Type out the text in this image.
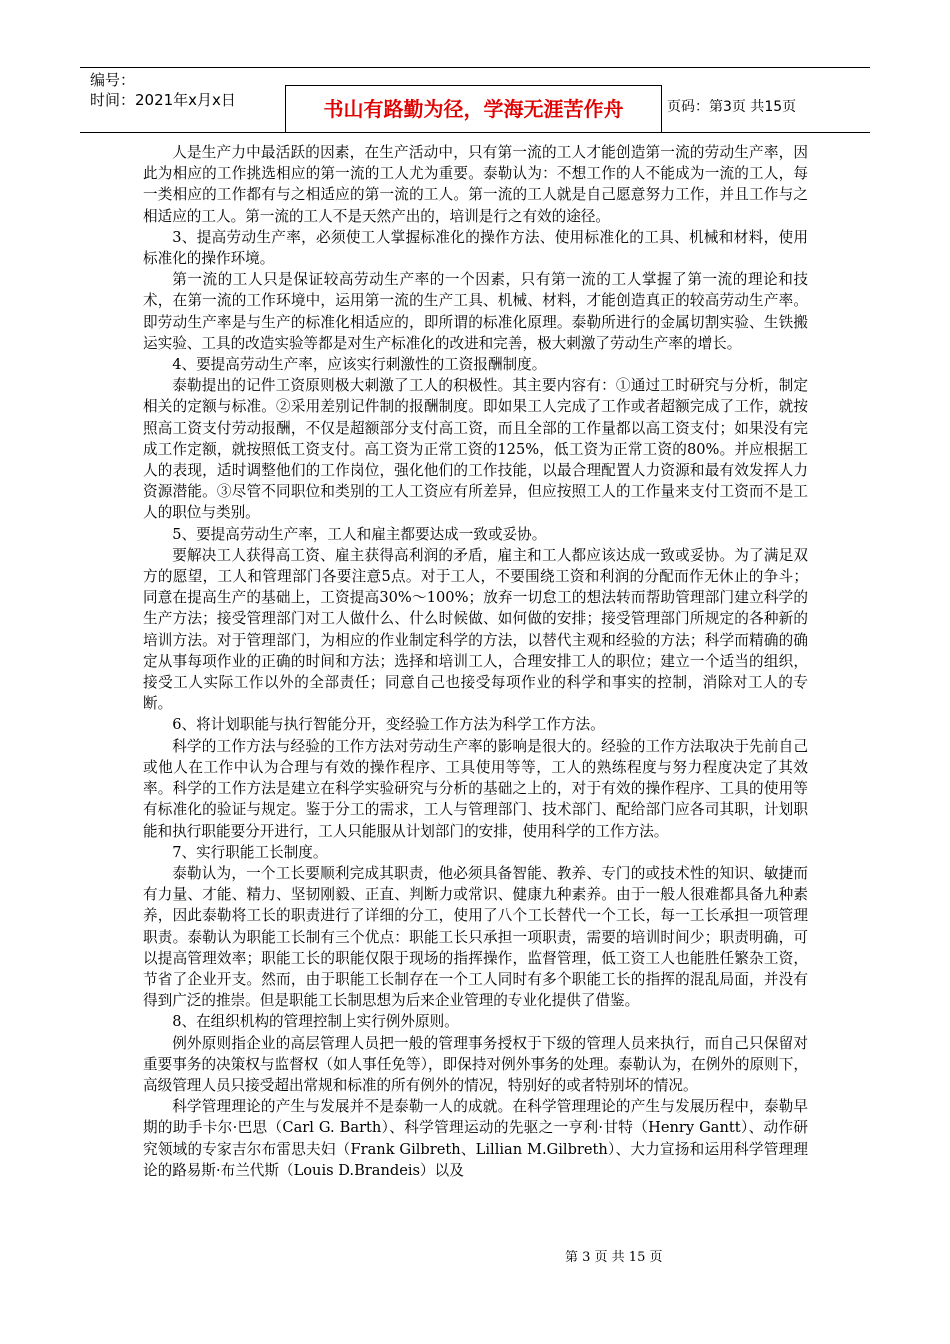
编号：
时间：2021年x月x日	书山有路勤为径，学海无涯苦作舟	页码：第3页 共15页

人是生产力中最活跃的因素，在生产活动中，只有第一流的工人才能创造第一流的劳动生产率，因此为相应的工作挑选相应的第一流的工人尤为重要。泰勒认为：不想工作的人不能成为一流的工人，每一类相应的工作都有与之相适应的第一流的工人。第一流的工人就是自己愿意努力工作，并且工作与之相适应的工人。第一流的工人不是天然产出的，培训是行之有效的途径。

3、提高劳动生产率，必须使工人掌握标准化的操作方法、使用标准化的工具、机械和材料，使用标准化的操作环境。

第一流的工人只是保证较高劳动生产率的一个因素，只有第一流的工人掌握了第一流的理论和技术，在第一流的工作环境中，运用第一流的生产工具、机械、材料，才能创造真正的较高劳动生产率。即劳动生产率是与生产的标准化相适应的，即所谓的标准化原理。泰勒所进行的金属切割实验、生铁搬运实验、工具的改造实验等都是对生产标准化的改进和完善，极大刺激了劳动生产率的增长。

4、要提高劳动生产率，应该实行刺激性的工资报酬制度。

泰勒提出的记件工资原则极大刺激了工人的积极性。其主要内容有：①通过工时研究与分析，制定相关的定额与标准。②采用差别记件制的报酬制度。即如果工人完成了工作或者超额完成了工作，就按照高工资支付劳动报酬，不仅是超额部分支付高工资，而且全部的工作量都以高工资支付；如果没有完成工作定额，就按照低工资支付。高工资为正常工资的125%，低工资为正常工资的80%。并应根据工人的表现，适时调整他们的工作岗位，强化他们的工作技能，以最合理配置人力资源和最有效发挥人力资源潜能。③尽管不同职位和类别的工人工资应有所差异，但应按照工人的工作量来支付工资而不是工人的职位与类别。

5、要提高劳动生产率，工人和雇主都要达成一致或妥协。

要解决工人获得高工资、雇主获得高利润的矛盾，雇主和工人都应该达成一致或妥协。为了满足双方的愿望，工人和管理部门各要注意5点。对于工人，不要围绕工资和利润的分配而作无休止的争斗；同意在提高生产的基础上，工资提高30%～100%；放弃一切怠工的想法转而帮助管理部门建立科学的生产方法；接受管理部门对工人做什么、什么时候做、如何做的安排；接受管理部门所规定的各种新的培训方法。对于管理部门，为相应的作业制定科学的方法，以替代主观和经验的方法；科学而精确的确定从事每项作业的正确的时间和方法；选择和培训工人，合理安排工人的职位；建立一个适当的组织，接受工人实际工作以外的全部责任；同意自己也接受每项作业的科学和事实的控制，消除对工人的专断。

6、将计划职能与执行智能分开，变经验工作方法为科学工作方法。

科学的工作方法与经验的工作方法对劳动生产率的影响是很大的。经验的工作方法取决于先前自己或他人在工作中认为合理与有效的操作程序、工具使用等等，工人的熟练程度与努力程度决定了其效率。科学的工作方法是建立在科学实验研究与分析的基础之上的，对于有效的操作程序、工具的使用等有标准化的验证与规定。鉴于分工的需求，工人与管理部门、技术部门、配给部门应各司其职，计划职能和执行职能要分开进行，工人只能服从计划部门的安排，使用科学的工作方法。

7、实行职能工长制度。

泰勒认为，一个工长要顺利完成其职责，他必须具备智能、教养、专门的或技术性的知识、敏捷而有力量、才能、精力、坚韧刚毅、正直、判断力或常识、健康九种素养。由于一般人很难都具备九种素养，因此泰勒将工长的职责进行了详细的分工，使用了八个工长替代一个工长，每一工长承担一项管理职责。泰勒认为职能工长制有三个优点：职能工长只承担一项职责，需要的培训时间少；职责明确，可以提高管理效率；职能工长的职能仅限于现场的指挥操作，监督管理，低工资工人也能胜任繁杂工资，节省了企业开支。然而，由于职能工长制存在一个工人同时有多个职能工长的指挥的混乱局面，并没有得到广泛的推崇。但是职能工长制思想为后来企业管理的专业化提供了借鉴。

8、在组织机构的管理控制上实行例外原则。

例外原则指企业的高层管理人员把一般的管理事务授权于下级的管理人员来执行，而自己只保留对重要事务的决策权与监督权（如人事任免等），即保持对例外事务的处理。泰勒认为，在例外的原则下，高级管理人员只接受超出常规和标准的所有例外的情况，特别好的或者特别坏的情况。

科学管理理论的产生与发展并不是泰勒一人的成就。在科学管理理论的产生与发展历程中，泰勒早期的助手卡尔·巴思（Carl G. Barth）、科学管理运动的先驱之一亨利·甘特（Henry Gantt）、动作研究领域的专家吉尔布雷思夫妇（Frank Gilbreth、Lillian M.Gilbreth）、大力宣扬和运用科学管理理论的路易斯·布兰代斯（Louis D.Brandeis）以及

第 3 页 共 15 页
